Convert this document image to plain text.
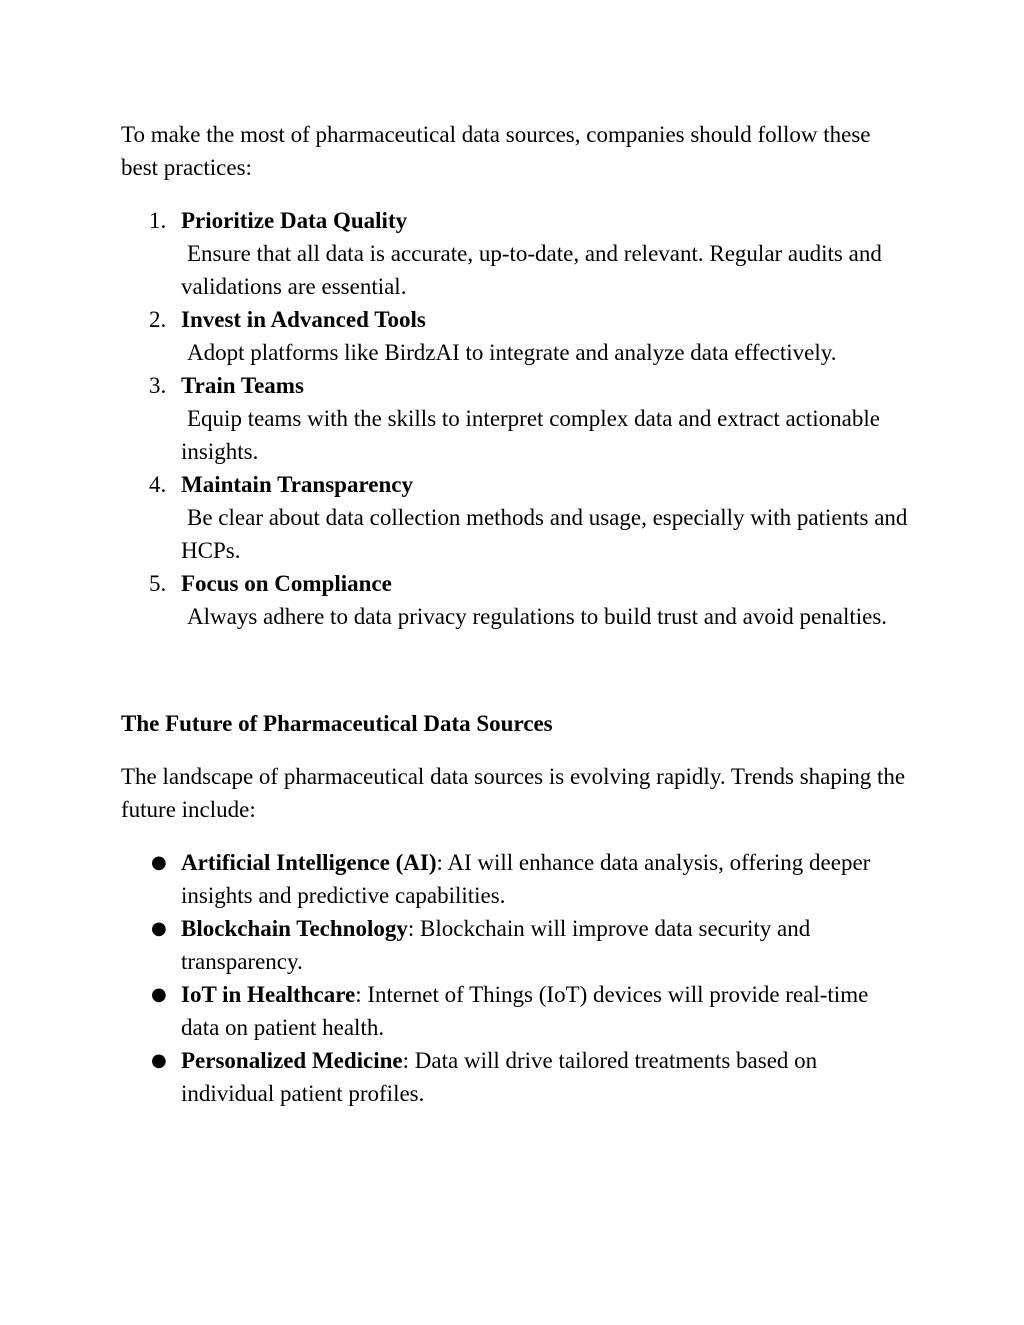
To make the most of pharmaceutical data sources, companies should follow these best practices:

1. Prioritize Data Quality
Ensure that all data is accurate, up-to-date, and relevant. Regular audits and validations are essential.
2. Invest in Advanced Tools
Adopt platforms like BirdzAI to integrate and analyze data effectively.
3. Train Teams
Equip teams with the skills to interpret complex data and extract actionable insights.
4. Maintain Transparency
Be clear about data collection methods and usage, especially with patients and HCPs.
5. Focus on Compliance
Always adhere to data privacy regulations to build trust and avoid penalties.

The Future of Pharmaceutical Data Sources

The landscape of pharmaceutical data sources is evolving rapidly. Trends shaping the future include:

● Artificial Intelligence (AI): AI will enhance data analysis, offering deeper insights and predictive capabilities.
● Blockchain Technology: Blockchain will improve data security and transparency.
● IoT in Healthcare: Internet of Things (IoT) devices will provide real-time data on patient health.
● Personalized Medicine: Data will drive tailored treatments based on individual patient profiles.
